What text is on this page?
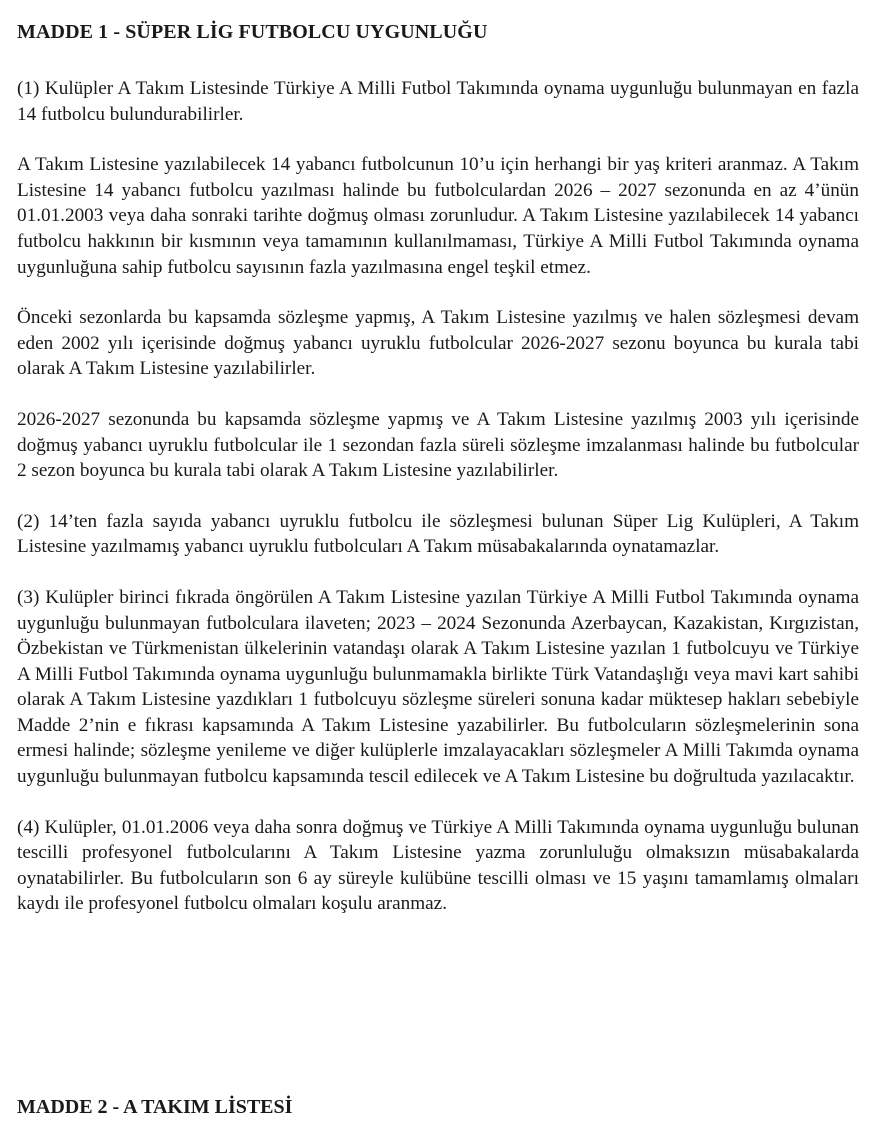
MADDE 1 - SÜPER LİG FUTBOLCU UYGUNLUĞU

(1) Kulüpler A Takım Listesinde Türkiye A Milli Futbol Takımında oynama uygunluğu bulunmayan en fazla 14 futbolcu bulundurabilirler.

A Takım Listesine yazılabilecek 14 yabancı futbolcunun 10’u için herhangi bir yaş kriteri aranmaz. A Takım Listesine 14 yabancı futbolcu yazılması halinde bu futbolculardan 2026 – 2027 sezonunda en az 4’ünün 01.01.2003 veya daha sonraki tarihte doğmuş olması zorunludur. A Takım Listesine yazılabilecek 14 yabancı futbolcu hakkının bir kısmının veya tamamının kullanılmaması, Türkiye A Milli Futbol Takımında oynama uygunluğuna sahip futbolcu sayısının fazla yazılmasına engel teşkil etmez.

Önceki sezonlarda bu kapsamda sözleşme yapmış, A Takım Listesine yazılmış ve halen sözleşmesi devam eden 2002 yılı içerisinde doğmuş yabancı uyruklu futbolcular 2026-2027 sezonu boyunca bu kurala tabi olarak A Takım Listesine yazılabilirler.

2026-2027 sezonunda bu kapsamda sözleşme yapmış ve A Takım Listesine yazılmış 2003 yılı içerisinde doğmuş yabancı uyruklu futbolcular ile 1 sezondan fazla süreli sözleşme imzalanması halinde bu futbolcular 2 sezon boyunca bu kurala tabi olarak A Takım Listesine yazılabilirler.

(2) 14’ten fazla sayıda yabancı uyruklu futbolcu ile sözleşmesi bulunan Süper Lig Kulüpleri, A Takım Listesine yazılmamış yabancı uyruklu futbolcuları A Takım müsabakalarında oynatamazlar.

(3) Kulüpler birinci fıkrada öngörülen A Takım Listesine yazılan Türkiye A Milli Futbol Takımında oynama uygunluğu bulunmayan futbolculara ilaveten; 2023 – 2024 Sezonunda Azerbaycan, Kazakistan, Kırgızistan, Özbekistan ve Türkmenistan ülkelerinin vatandaşı olarak A Takım Listesine yazılan 1 futbolcuyu ve Türkiye A Milli Futbol Takımında oynama uygunluğu bulunmamakla birlikte Türk Vatandaşlığı veya mavi kart sahibi olarak A Takım Listesine yazdıkları 1 futbolcuyu sözleşme süreleri sonuna kadar müktesep hakları sebebiyle Madde 2’nin e fıkrası kapsamında A Takım Listesine yazabilirler. Bu futbolcuların sözleşmelerinin sona ermesi halinde; sözleşme yenileme ve diğer kulüplerle imzalayacakları sözleşmeler A Milli Takımda oynama uygunluğu bulunmayan futbolcu kapsamında tescil edilecek ve A Takım Listesine bu doğrultuda yazılacaktır.

(4) Kulüpler, 01.01.2006 veya daha sonra doğmuş ve Türkiye A Milli Takımında oynama uygunluğu bulunan tescilli profesyonel futbolcularını A Takım Listesine yazma zorunluluğu olmaksızın müsabakalarda oynatabilirler. Bu futbolcuların son 6 ay süreyle kulübüne tescilli olması ve 15 yaşını tamamlamış olmaları kaydı ile profesyonel futbolcu olmaları koşulu aranmaz.

MADDE 2 - A TAKIM LİSTESİ
